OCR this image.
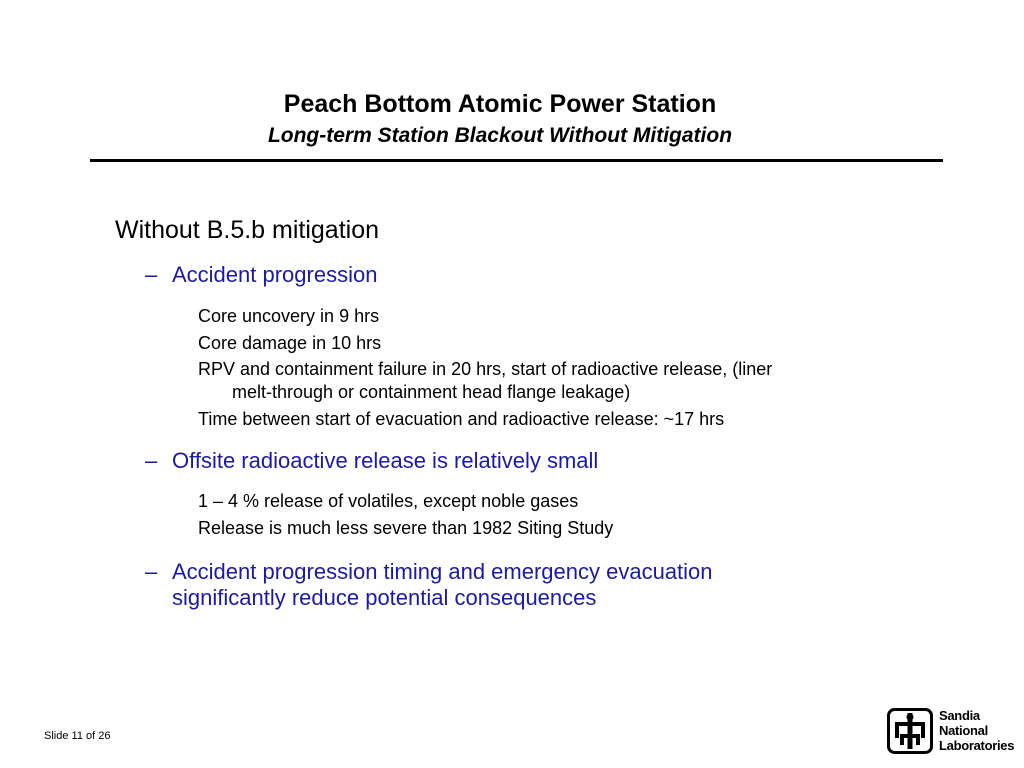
Peach Bottom Atomic Power Station
Long-term Station Blackout Without Mitigation
Without B.5.b mitigation
– Accident progression
Core uncovery in 9 hrs
Core damage in 10 hrs
RPV and containment failure in 20 hrs, start of radioactive release, (liner
melt-through or containment head flange leakage)
Time between start of evacuation and radioactive release: ~17 hrs
– Offsite radioactive release is relatively small
1 – 4 % release of volatiles, except noble gases
Release is much less severe than 1982 Siting Study
– Accident progression timing and emergency evacuation
significantly reduce potential consequences
Slide 11 of 26
Sandia
National
Laboratories
